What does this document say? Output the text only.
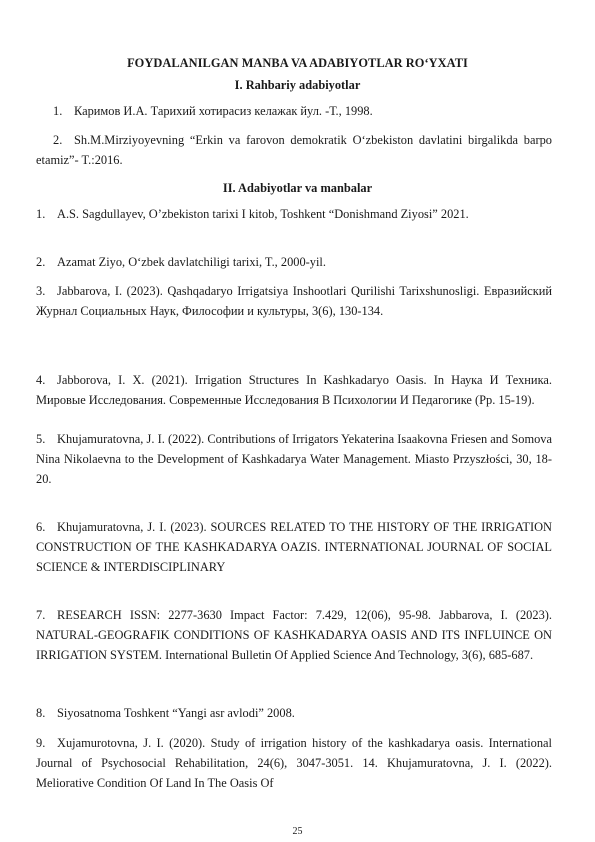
FOYDALANILGAN MANBA VA ADABIYOTLAR RO‘YXATI
I. Rahbariy adabiyotlar
1. Каримов И.А. Тарихий хотирасиз келажак йул. -Т., 1998.
2. Sh.M.Mirziyoyevning “Erkin va farovon demokratik O‘zbekiston davlatini birgalikda barpo etamiz”- T.:2016.
II. Adabiyotlar va manbalar
1. A.S. Sagdullayev, O’zbekiston tarixi I kitob, Toshkent “Donishmand Ziyosi” 2021.
2. Azamat Ziyo, O‘zbek davlatchiligi tarixi, T., 2000-yil.
3. Jabbarova, I. (2023). Qashqadaryo Irrigatsiya Inshootlari Qurilishi Tarixshunosligi. Евразийский Журнал Социальных Наук, Философии и культуры, 3(6), 130-134.
4. Jabborova, I. X. (2021). Irrigation Structures In Kashkadaryo Oasis. In Наука И Техника. Мировые Исследования. Современные Исследования В Психологии И Педагогике (Pp. 15-19).
5. Khujamuratovna, J. I. (2022). Contributions of Irrigators Yekaterina Isaakovna Friesen and Somova Nina Nikolaevna to the Development of Kashkadarya Water Management. Miasto Przyszłości, 30, 18-20.
6. Khujamuratovna, J. I. (2023). SOURCES RELATED TO THE HISTORY OF THE IRRIGATION CONSTRUCTION OF THE KASHKADARYA OAZIS. INTERNATIONAL JOURNAL OF SOCIAL SCIENCE & INTERDISCIPLINARY
7. RESEARCH ISSN: 2277-3630 Impact Factor: 7.429, 12(06), 95-98. Jabbarova, I. (2023). NATURAL-GEOGRAFIK CONDITIONS OF KASHKADARYA OASIS AND ITS INFLUINCE ON IRRIGATION SYSTEM. International Bulletin Of Applied Science And Technology, 3(6), 685-687.
8. Siyosatnoma Toshkent “Yangi asr avlodi” 2008.
9. Xujamurotovna, J. I. (2020). Study of irrigation history of the kashkadarya oasis. International Journal of Psychosocial Rehabilitation, 24(6), 3047-3051. 14. Khujamuratovna, J. I. (2022). Meliorative Condition Of Land In The Oasis Of
25
